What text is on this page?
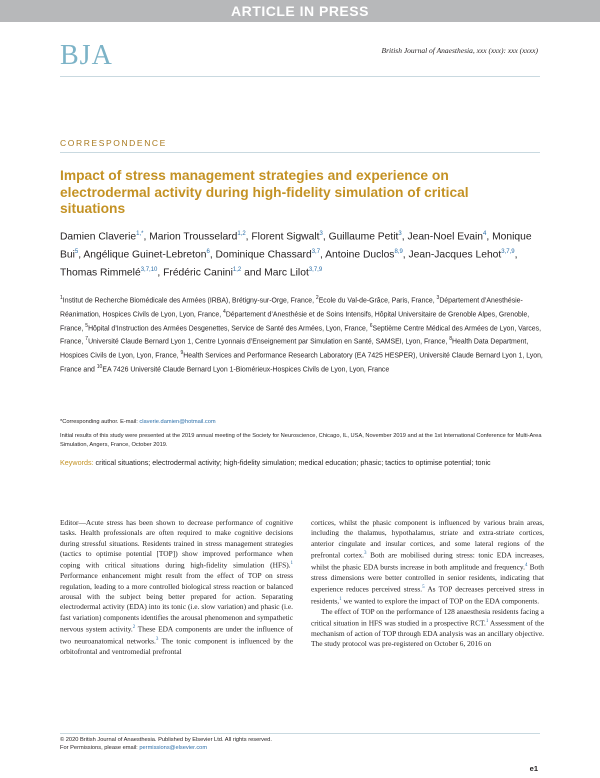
ARTICLE IN PRESS
BJA	British Journal of Anaesthesia, xxx (xxx): xxx (xxxx)
CORRESPONDENCE
Impact of stress management strategies and experience on electrodermal activity during high-fidelity simulation of critical situations
Damien Claverie$^{1,*}$, Marion Trousselard$^{1,2}$, Florent Sigwalt$^3$, Guillaume Petit$^3$, Jean-Noel Evain$^4$, Monique Bui$^5$, Angélique Guinet-Lebreton$^6$, Dominique Chassard$^{3,7}$, Antoine Duclos$^{8,9}$, Jean-Jacques Lehot$^{3,7,9}$, Thomas Rimmelé$^{3,7,10}$, Frédéric Canini$^{1,2}$ and Marc Lilot$^{3,7,9}$
$^1$Institut de Recherche Biomédicale des Armées (IRBA), Brétigny-sur-Orge, France, $^2$Ecole du Val-de-Grâce, Paris, France, $^3$Département d’Anesthésie-Réanimation, Hospices Civils de Lyon, Lyon, France, $^4$Département d’Anesthésie et de Soins Intensifs, Hôpital Universitaire de Grenoble Alpes, Grenoble, France, $^5$Hôpital d’Instruction des Armées Desgenettes, Service de Santé des Armées, Lyon, France, $^6$Septième Centre Médical des Armées de Lyon, Varces, France, $^7$Université Claude Bernard Lyon 1, Centre Lyonnais d’Enseignement par Simulation en Santé, SAMSEI, Lyon, France, $^8$Health Data Department, Hospices Civils de Lyon, Lyon, France, $^9$Health Services and Performance Research Laboratory (EA 7425 HESPER), Université Claude Bernard Lyon 1, Lyon, France and $^{10}$EA 7426 Université Claude Bernard Lyon 1-Biomérieux-Hospices Civils de Lyon, Lyon, France
*Corresponding author. E-mail: claverie.damien@hotmail.com
Initial results of this study were presented at the 2019 annual meeting of the Society for Neuroscience, Chicago, IL, USA, November 2019 and at the 1st International Conference for Multi-Area Simulation, Angers, France, October 2019.
Keywords: critical situations; electrodermal activity; high-fidelity simulation; medical education; phasic; tactics to optimise potential; tonic

Editor—Acute stress has been shown to decrease performance of cognitive tasks. Health professionals are often required to make cognitive decisions during stressful situations. Residents trained in stress management strategies (tactics to optimise potential [TOP]) show improved performance when coping with critical situations during high-fidelity simulation (HFS).$^1$ Performance enhancement might result from the effect of TOP on stress regulation, leading to a more controlled biological stress reaction or balanced arousal with the subject being better prepared for action. Separating electrodermal activity (EDA) into its tonic (i.e. slow variation) and phasic (i.e. fast variation) components identifies the arousal phenomenon and sympathetic nervous system activity.$^2$ These EDA components are under the influence of two neuroanatomical networks.$^3$ The tonic component is influenced by the orbitofrontal and ventromedial prefrontal

cortices, whilst the phasic component is influenced by various brain areas, including the thalamus, hypothalamus, striate and extra-striate cortices, anterior cingulate and insular cortices, and some lateral regions of the prefrontal cortex.$^3$ Both are mobilised during stress: tonic EDA increases, whilst the phasic EDA bursts increase in both amplitude and frequency.$^4$ Both stress dimensions were better controlled in senior residents, indicating that experience reduces perceived stress.$^5$ As TOP decreases perceived stress in residents,$^1$ we wanted to explore the impact of TOP on the EDA components.

The effect of TOP on the performance of 128 anaesthesia residents facing a critical situation in HFS was studied in a prospective RCT.$^1$ Assessment of the mechanism of action of TOP through EDA analysis was an ancillary objective. The study protocol was pre-registered on October 6, 2016 on

© 2020 British Journal of Anaesthesia. Published by Elsevier Ltd. All rights reserved.
For Permissions, please email: permissions@elsevier.com
e1
